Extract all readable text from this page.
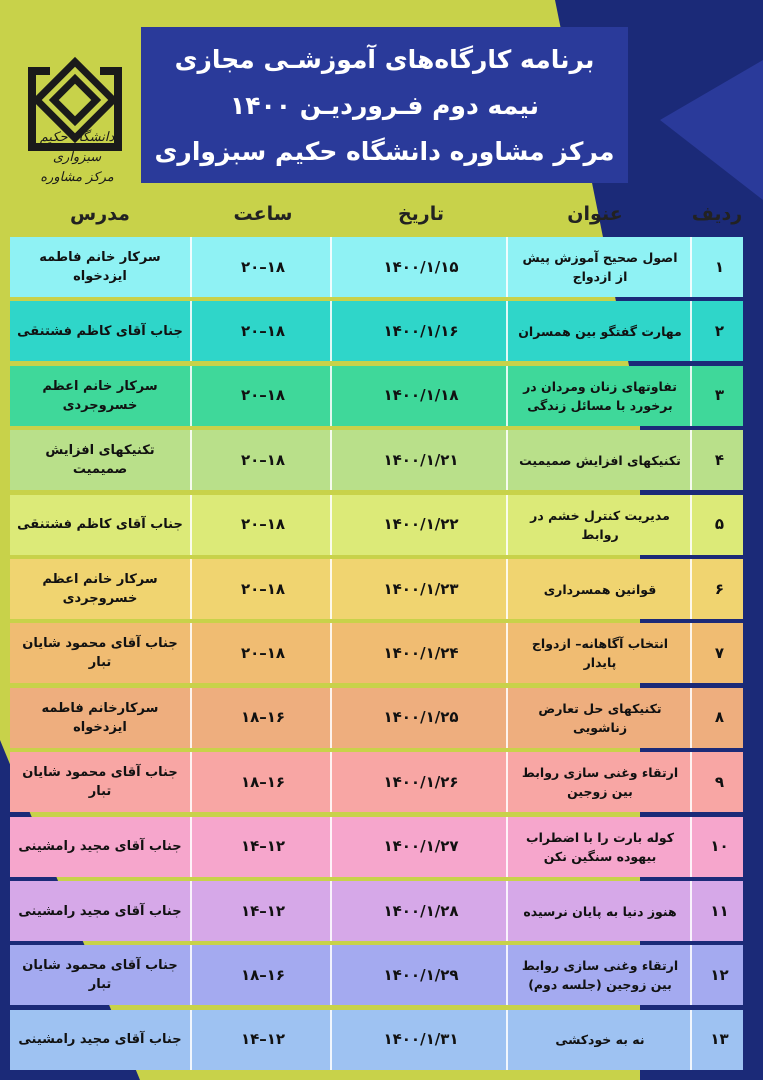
دانشگاه حکیم سبزواری
مرکز مشاوره
برنامه کارگاه‌های آموزشـی مجازی
نیمه دوم فـروردیـن ۱۴۰۰
مرکز مشاوره دانشگاه حکیم سبزواری
ردیف
عنوان
تاریخ
ساعت
مدرس
۱
اصول صحیح آموزش پیش از ازدواج
۱۴۰۰/۱/۱۵
۲۰–۱۸
سرکار خانم فاطمه ایزدخواه
۲
مهارت گفتگو بین همسران
۱۴۰۰/۱/۱۶
۲۰–۱۸
جناب آقای کاظم فشتنقی
۳
تفاوتهای زنان ومردان در برخورد با مسائل زندگی
۱۴۰۰/۱/۱۸
۲۰–۱۸
سرکار خانم اعظم خسروجردی
۴
تکنیکهای افزایش صمیمیت
۱۴۰۰/۱/۲۱
۲۰–۱۸
تکنیکهای افزایش صمیمیت
۵
مدیریت کنترل خشم در روابط
۱۴۰۰/۱/۲۲
۲۰–۱۸
جناب آقای کاظم فشتنقی
۶
قوانین همسرداری
۱۴۰۰/۱/۲۳
۲۰–۱۸
سرکار خانم اعظم خسروجردی
۷
انتخاب آگاهانه– ازدواج پایدار
۱۴۰۰/۱/۲۴
۲۰–۱۸
جناب آقای محمود شایان تبار
۸
تکنیکهای حل تعارض زناشویی
۱۴۰۰/۱/۲۵
۱۸–۱۶
سرکارخانم فاطمه ایزدخواه
۹
ارتقاء وغنی سازی روابط بین زوجین
۱۴۰۰/۱/۲۶
۱۸–۱۶
جناب آقای محمود شایان تبار
۱۰
کوله بارت را با اضطراب بیهوده سنگین نکن
۱۴۰۰/۱/۲۷
۱۴–۱۲
جناب آقای مجید رامشینی
۱۱
هنوز دنیا به پایان نرسیده
۱۴۰۰/۱/۲۸
۱۴–۱۲
جناب آقای مجید رامشینی
۱۲
ارتقاء وغنی سازی روابط بین زوجین (جلسه دوم)
۱۴۰۰/۱/۲۹
۱۸–۱۶
جناب آقای محمود شایان تبار
۱۳
نه به خودکشی
۱۴۰۰/۱/۳۱
۱۴–۱۲
جناب آقای مجید رامشینی
